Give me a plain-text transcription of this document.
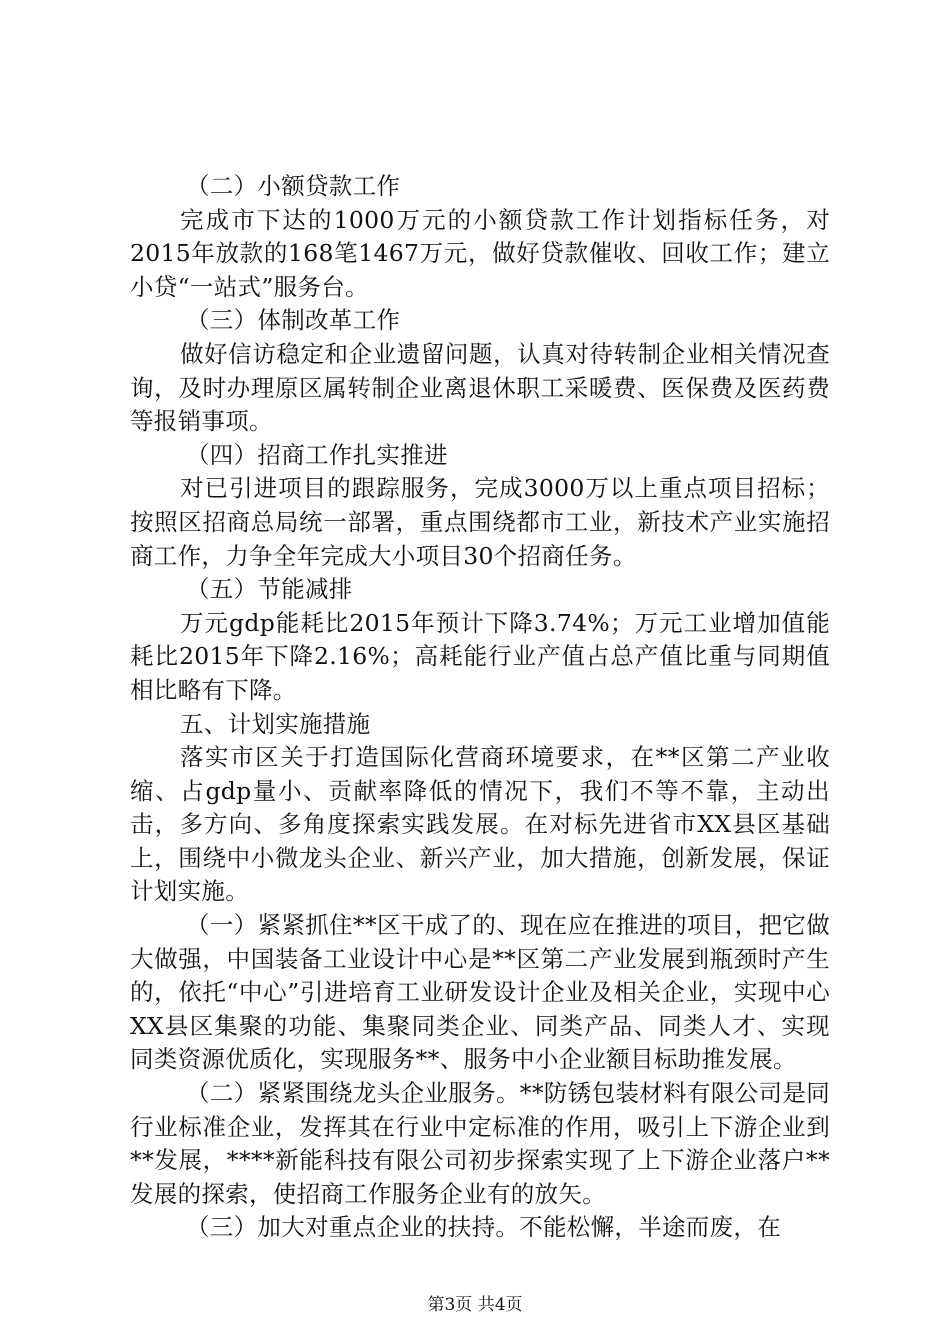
（二）小额贷款工作

完成市下达的1000万元的小额贷款工作计划指标任务，对2015年放款的168笔1467万元，做好贷款催收、回收工作；建立小贷“一站式”服务台。

（三）体制改革工作

做好信访稳定和企业遗留问题，认真对待转制企业相关情况查询，及时办理原区属转制企业离退休职工采暖费、医保费及医药费等报销事项。

（四）招商工作扎实推进

对已引进项目的跟踪服务，完成3000万以上重点项目招标；按照区招商总局统一部署，重点围绕都市工业，新技术产业实施招商工作，力争全年完成大小项目30个招商任务。

（五）节能减排

万元gdp能耗比2015年预计下降3.74%；万元工业增加值能耗比2015年下降2.16%；高耗能行业产值占总产值比重与同期值相比略有下降。

五、计划实施措施

落实市区关于打造国际化营商环境要求，在**区第二产业收缩、占gdp量小、贡献率降低的情况下，我们不等不靠，主动出击，多方向、多角度探索实践发展。在对标先进省市XX县区基础上，围绕中小微龙头企业、新兴产业，加大措施，创新发展，保证计划实施。

（一）紧紧抓住**区干成了的、现在应在推进的项目，把它做大做强，中国装备工业设计中心是**区第二产业发展到瓶颈时产生的，依托“中心”引进培育工业研发设计企业及相关企业，实现中心XX县区集聚的功能、集聚同类企业、同类产品、同类人才、实现同类资源优质化，实现服务**、服务中小企业额目标助推发展。

（二）紧紧围绕龙头企业服务。**防锈包装材料有限公司是同行业标准企业，发挥其在行业中定标准的作用，吸引上下游企业到**发展，****新能科技有限公司初步探索实现了上下游企业落户**发展的探索，使招商工作服务企业有的放矢。

（三）加大对重点企业的扶持。不能松懈，半途而废，在

第3页 共4页
